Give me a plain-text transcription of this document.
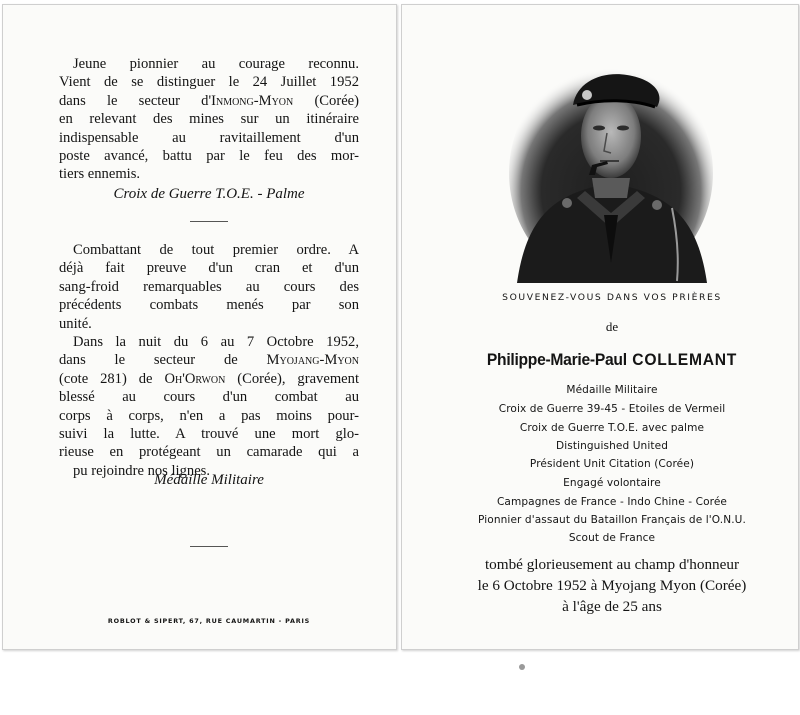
Jeune pionnier au courage reconnu.
Vient de se distinguer le 24 Juillet 1952
dans le secteur d'Inmong-Myon (Corée)
en relevant des mines sur un itinéraire
indispensable au ravitaillement d'un
poste avancé, battu par le feu des mor-
tiers ennemis.

Croix de Guerre T.O.E. - Palme

Combattant de tout premier ordre. A
déjà fait preuve d'un cran et d'un
sang-froid remarquables au cours des
précédents combats menés par son
unité.
Dans la nuit du 6 au 7 Octobre 1952,
dans le secteur de Myojang-Myon
(cote 281) de Oh'Orwon (Corée), gravement
blessé au cours d'un combat au
corps à corps, n'en a pas moins pour-
suivi la lutte. A trouvé une mort glo-
rieuse en protégeant un camarade qui a
pu rejoindre nos lignes.

Médaille Militaire

ROBLOT & SIPERT, 67, RUE CAUMARTIN - PARIS

SOUVENEZ-VOUS DANS VOS PRIÈRES

de

Philippe-Marie-Paul COLLEMANT

Médaille Militaire

Croix de Guerre 39-45 - Etoiles de Vermeil

Croix de Guerre T.O.E. avec palme

Distinguished United

Président Unit Citation (Corée)

Engagé volontaire

Campagnes de France - Indo Chine - Corée

Pionnier d'assaut du Bataillon Français de l'O.N.U.

Scout de France

tombé glorieusement au champ d'honneur

le 6 Octobre 1952 à Myojang Myon (Corée)

à l'âge de 25 ans
